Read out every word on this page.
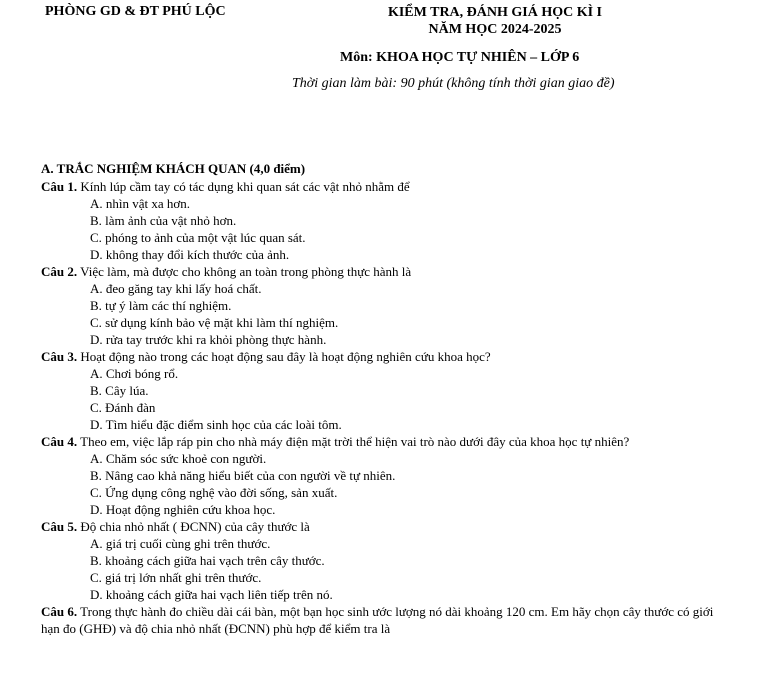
PHÒNG GD & ĐT PHÚ LỘC	KIỂM TRA, ĐÁNH GIÁ HỌC KÌ I
NĂM HỌC 2024-2025
Môn: KHOA HỌC TỰ NHIÊN – LỚP 6
Thời gian làm bài: 90 phút (không tính thời gian giao đề)
A. TRẮC NGHIỆM KHÁCH QUAN (4,0 điểm)
Câu 1. Kính lúp cầm tay có tác dụng khi quan sát các vật nhỏ nhằm để
A. nhìn vật xa hơn.
B. làm ảnh của vật nhỏ hơn.
C. phóng to ảnh của một vật lúc quan sát.
D. không thay đổi kích thước của ảnh.
Câu 2. Việc làm, mà được cho không an toàn trong phòng thực hành là
A. đeo găng tay khi lấy hoá chất.
B. tự ý làm các thí nghiệm.
C. sử dụng kính bảo vệ mặt khi làm thí nghiệm.
D. rửa tay trước khi ra khỏi phòng thực hành.
Câu 3. Hoạt động nào trong các hoạt động sau đây là hoạt động nghiên cứu khoa học?
A. Chơi bóng rổ.
B. Cây lúa.
C. Đánh đàn
D. Tìm hiểu đặc điểm sinh học của các loài tôm.
Câu 4. Theo em, việc lắp ráp pin cho nhà máy điện mặt trời thể hiện vai trò nào dưới đây của khoa học tự nhiên?
A. Chăm sóc sức khoẻ con người.
B. Nâng cao khả năng hiểu biết của con người về tự nhiên.
C. Ứng dụng công nghệ vào đời sống, sản xuất.
D. Hoạt động nghiên cứu khoa học.
Câu 5. Độ chia nhỏ nhất ( ĐCNN) của cây thước là
A. giá trị cuối cùng ghi trên thước.
B. khoảng cách giữa hai vạch trên cây thước.
C. giá trị lớn nhất ghi trên thước.
D. khoảng cách giữa hai vạch liên tiếp trên nó.
Câu 6. Trong thực hành đo chiều dài cái bàn, một bạn học sinh ước lượng nó dài khoảng 120 cm. Em hãy chọn cây thước có giới hạn đo (GHĐ) và độ chia nhỏ nhất (ĐCNN) phù hợp để kiểm tra là
